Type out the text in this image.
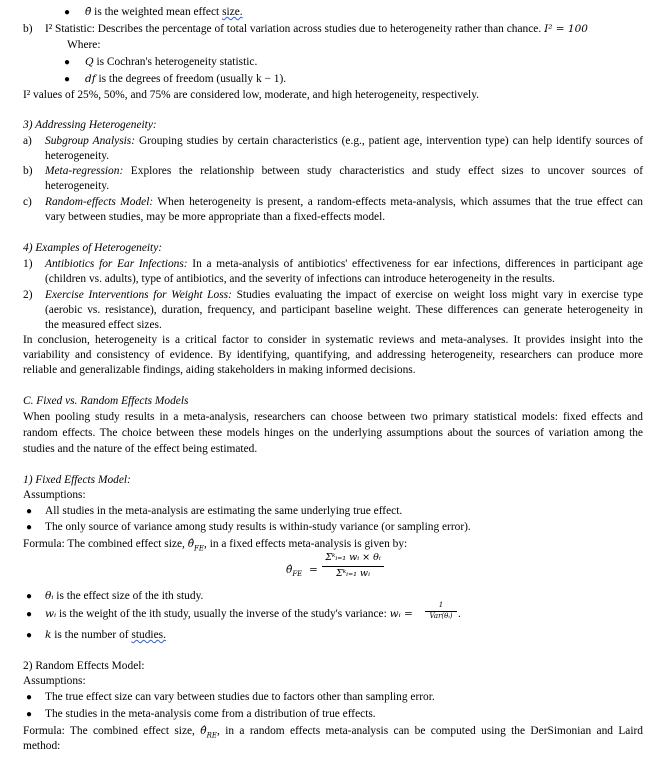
● θ̄ is the weighted mean effect size.
b) I² Statistic: Describes the percentage of total variation across studies due to heterogeneity rather than chance. I² = 100
Where:
● Q is Cochran's heterogeneity statistic.
● df is the degrees of freedom (usually k − 1).
I² values of 25%, 50%, and 75% are considered low, moderate, and high heterogeneity, respectively.
3) Addressing Heterogeneity:
a) Subgroup Analysis: Grouping studies by certain characteristics (e.g., patient age, intervention type) can help identify sources of
heterogeneity.
b) Meta-regression: Explores the relationship between study characteristics and study effect sizes to uncover sources of
heterogeneity.
c) Random-effects Model: When heterogeneity is present, a random-effects meta-analysis, which assumes that the true effect can
vary between studies, may be more appropriate than a fixed-effects model.
4) Examples of Heterogeneity:
1) Antibiotics for Ear Infections: In a meta-analysis of antibiotics' effectiveness for ear infections, differences in participant age
(children vs. adults), type of antibiotics, and the severity of infections can introduce heterogeneity in the results.
2) Exercise Interventions for Weight Loss: Studies evaluating the impact of exercise on weight loss might vary in exercise type
(aerobic vs. resistance), duration, frequency, and participant baseline weight. These differences can generate heterogeneity in
the measured effect sizes.
In conclusion, heterogeneity is a critical factor to consider in systematic reviews and meta-analyses. It provides insight into the
variability and consistency of evidence. By identifying, quantifying, and addressing heterogeneity, researchers can produce more
reliable and generalizable findings, aiding stakeholders in making informed decisions.
C. Fixed vs. Random Effects Models
When pooling study results in a meta-analysis, researchers can choose between two primary statistical models: fixed effects and
random effects. The choice between these models hinges on the underlying assumptions about the sources of variation among the
studies and the nature of the effect being estimated.
1) Fixed Effects Model:
Assumptions:
● All studies in the meta-analysis are estimating the same underlying true effect.
● The only source of variance among study results is within-study variance (or sampling error).
Formula: The combined effect size, $\thetâ_{FE}$, in a fixed effects meta-analysis is given by:
$\thetâ_{FE}$ =
Σᵏᵢ₌₁ wᵢ × θᵢ
Σᵏᵢ₌₁ wᵢ
● θᵢ is the effect size of the ith study.
● wᵢ is the weight of the ith study, usually the inverse of the study's variance: wᵢ =
1
Var(θᵢ) .
● k is the number of studies.
2) Random Effects Model:
Assumptions:
● The true effect size can vary between studies due to factors other than sampling error.
● The studies in the meta-analysis come from a distribution of true effects.
Formula: The combined effect size, $\thetâ_{RE}$, in a random effects meta-analysis can be computed using the DerSimonian and Laird
method:
